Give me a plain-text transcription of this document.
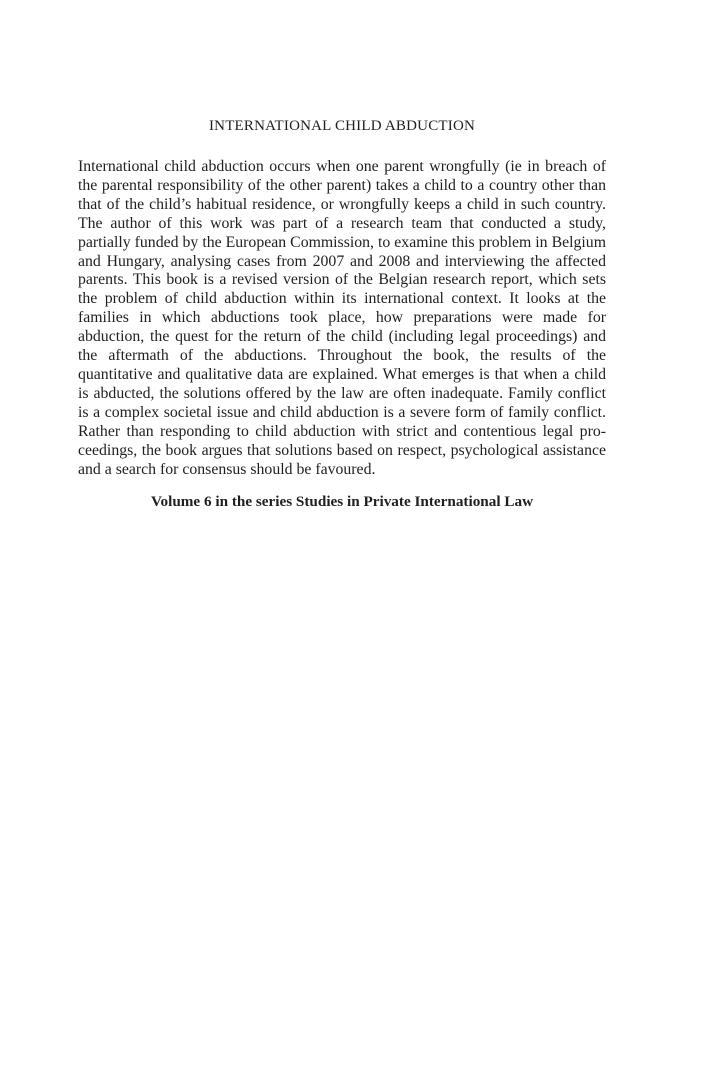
INTERNATIONAL CHILD ABDUCTION

International child abduction occurs when one parent wrongfully (ie in breach of the parental responsibility of the other parent) takes a child to a country other than that of the child’s habitual residence, or wrongfully keeps a child in such country. The author of this work was part of a research team that conducted a study, partially funded by the European Commission, to examine this problem in Belgium and Hungary, analysing cases from 2007 and 2008 and interviewing the affected parents. This book is a revised version of the Belgian research report, which sets the problem of child abduction within its international context. It looks at the families in which abductions took place, how preparations were made for abduction, the quest for the return of the child (including legal proceedings) and the aftermath of the abductions. Throughout the book, the results of the quantitative and qualitative data are explained. What emerges is that when a child is abducted, the solutions offered by the law are often inadequate. Family conflict is a complex societal issue and child abduction is a severe form of family conflict. Rather than responding to child abduction with strict and contentious legal proceedings, the book argues that solutions based on respect, psychological assistance and a search for consensus should be favoured.

Volume 6 in the series Studies in Private International Law
